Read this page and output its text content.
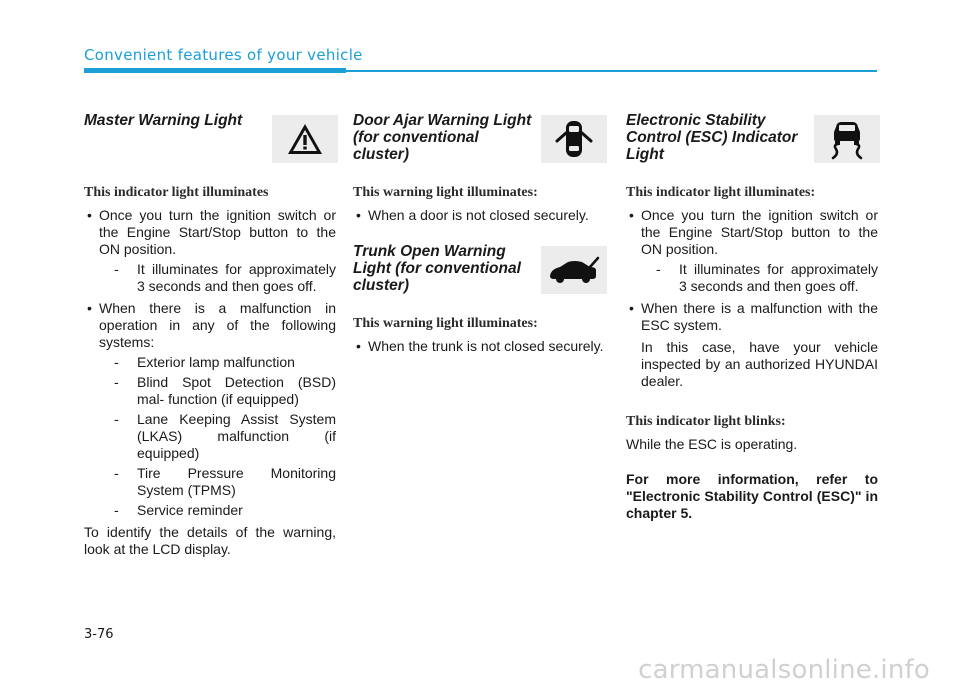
Convenient features of your vehicle
Master Warning Light
This indicator light illuminates
• Once you turn the ignition switch or the Engine Start/Stop button to the ON position.
- It illuminates for approximately 3 seconds and then goes off.
• When there is a malfunction in operation in any of the following systems:
- Exterior lamp malfunction
- Blind Spot Detection (BSD) mal- function (if equipped)
- Lane Keeping Assist System (LKAS) malfunction (if equipped)
- Tire Pressure Monitoring System (TPMS)
- Service reminder
To identify the details of the warning, look at the LCD display.
Door Ajar Warning Light (for conventional cluster)
This warning light illuminates:
• When a door is not closed securely.
Trunk Open Warning Light (for conventional cluster)
This warning light illuminates:
• When the trunk is not closed securely.
Electronic Stability Control (ESC) Indicator Light
This indicator light illuminates:
• Once you turn the ignition switch or the Engine Start/Stop button to the ON position.
- It illuminates for approximately 3 seconds and then goes off.
• When there is a malfunction with the ESC system.
In this case, have your vehicle inspected by an authorized HYUNDAI dealer.
This indicator light blinks:
While the ESC is operating.
For more information, refer to "Electronic Stability Control (ESC)" in chapter 5.
3-76
carmanualsonline.info
